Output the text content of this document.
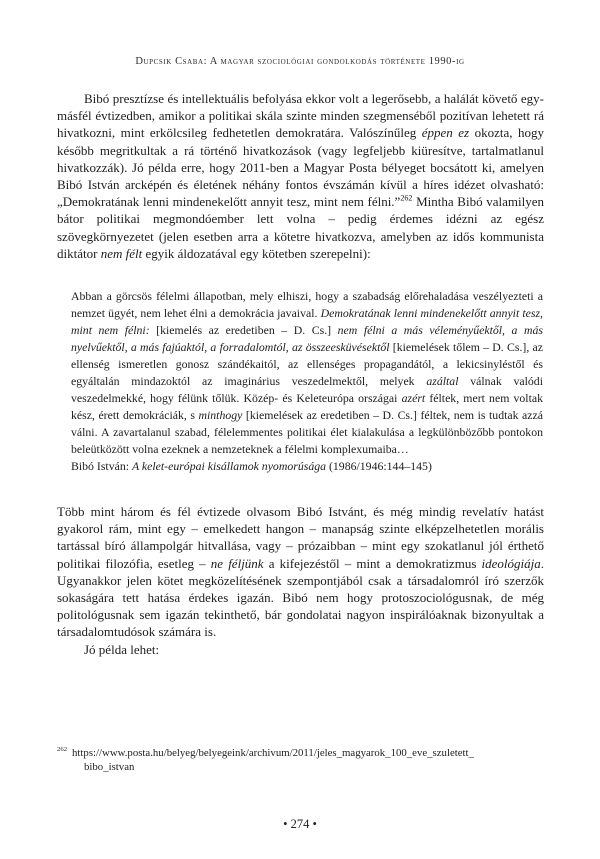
Dupcsik Csaba: A magyar szociológiai gondolkodás története 1990-ig

Bibó presztízse és intellektuális befolyása ekkor volt a legerősebb, a halálát követő egy-másfél évtizedben, amikor a politikai skála szinte minden szegmenséből pozitívan lehetett rá hivatkozni, mint erkölcsileg fedhetetlen demokratára. Valószínűleg éppen ez okozta, hogy később megritkultak a rá történő hivatkozások (vagy legfeljebb kiüresítve, tartalmatlanul hivatkozzák). Jó példa erre, hogy 2011-ben a Magyar Posta bélyeget bocsátott ki, amelyen Bibó István arcképén és életének néhány fontos évszámán kívül a híres idézet olvasható: „Demokratának lenni mindenekelőtt annyit tesz, mint nem félni.”$^{262}$ Mintha Bibó valamilyen bátor politikai megmondóember lett volna – pedig érdemes idézni az egész szövegkörnyezetet (jelen esetben arra a kötetre hivatkozva, amelyben az idős kommunista diktátor nem félt egyik áldozatával egy kötetben szerepelni):

Abban a görcsös félelmi állapotban, mely elhiszi, hogy a szabadság előrehaladása veszélyezteti a nemzet ügyét, nem lehet élni a demokrácia javaival. Demokratának lenni mindenekelőtt annyit tesz, mint nem félni: [kiemelés az eredetiben – D. Cs.] nem félni a más véleményűektől, a más nyelvűektől, a más fajúaktól, a forradalomtól, az összeesküvésektől [kiemelések tőlem – D. Cs.], az ellenség ismeretlen gonosz szándékaitól, az ellenséges propagandától, a lekicsinyléstől és egyáltalán mindazoktól az imaginárius veszedelmektől, melyek azáltal válnak valódi veszedelmekké, hogy félünk tőlük. Közép- és Keleteurópa országai azért féltek, mert nem voltak kész, érett demokráciák, s minthogy [kiemelések az eredetiben – D. Cs.] féltek, nem is tudtak azzá válni. A zavartalanul szabad, félelemmentes politikai élet kialakulása a legkülönbözőbb pontokon beleütközött volna ezeknek a nemzeteknek a félelmi komplexumaiba…

Bibó István: A kelet-európai kisállamok nyomorúsága (1986/1946:144–145)

Több mint három és fél évtizede olvasom Bibó Istvánt, és még mindig revelatív hatást gyakorol rám, mint egy – emelkedett hangon – manapság szinte elképzelhetetlen morális tartással bíró állampolgár hitvallása, vagy – prózaibban – mint egy szokatlanul jól érthető politikai filozófia, esetleg – ne féljünk a kifejezéstől – mint a demokratizmus ideológiája. Ugyanakkor jelen kötet megközelítésének szempontjából csak a társadalomról író szerzők sokaságára tett hatása érdekes igazán. Bibó nem hogy protoszociológusnak, de még politológusnak sem igazán tekinthető, bár gondolatai nagyon inspirálóaknak bizonyultak a társadalomtudósok számára is.

Jó példa lehet:

$^{262}$ https://www.posta.hu/belyeg/belyegeink/archivum/2011/jeles_magyarok_100_eve_szuletett_
bibo_istvan
• 274 •
